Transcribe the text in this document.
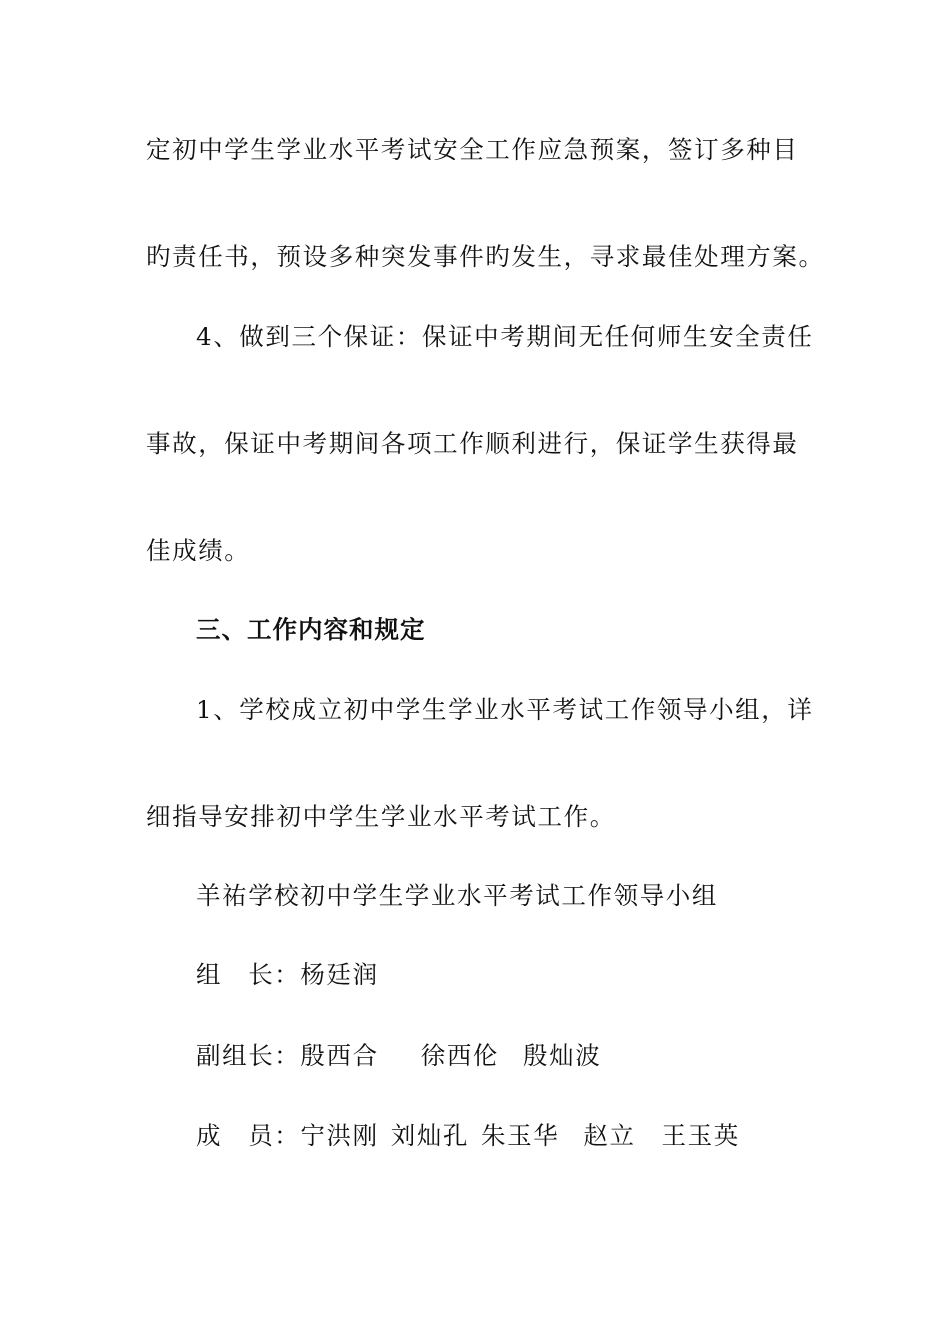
定初中学生学业水平考试安全工作应急预案，签订多种目
旳责任书，预设多种突发事件旳发生，寻求最佳处理方案。
4、做到三个保证：保证中考期间无任何师生安全责任
事故，保证中考期间各项工作顺利进行，保证学生获得最
佳成绩。
三、工作内容和规定
1、学校成立初中学生学业水平考试工作领导小组，详
细指导安排初中学生学业水平考试工作。
羊祐学校初中学生学业水平考试工作领导小组
组　长：杨廷润
副组长：殷西合 徐西伦 殷灿波
成　员：宁洪刚 刘灿孔 朱玉华 赵立 王玉英
